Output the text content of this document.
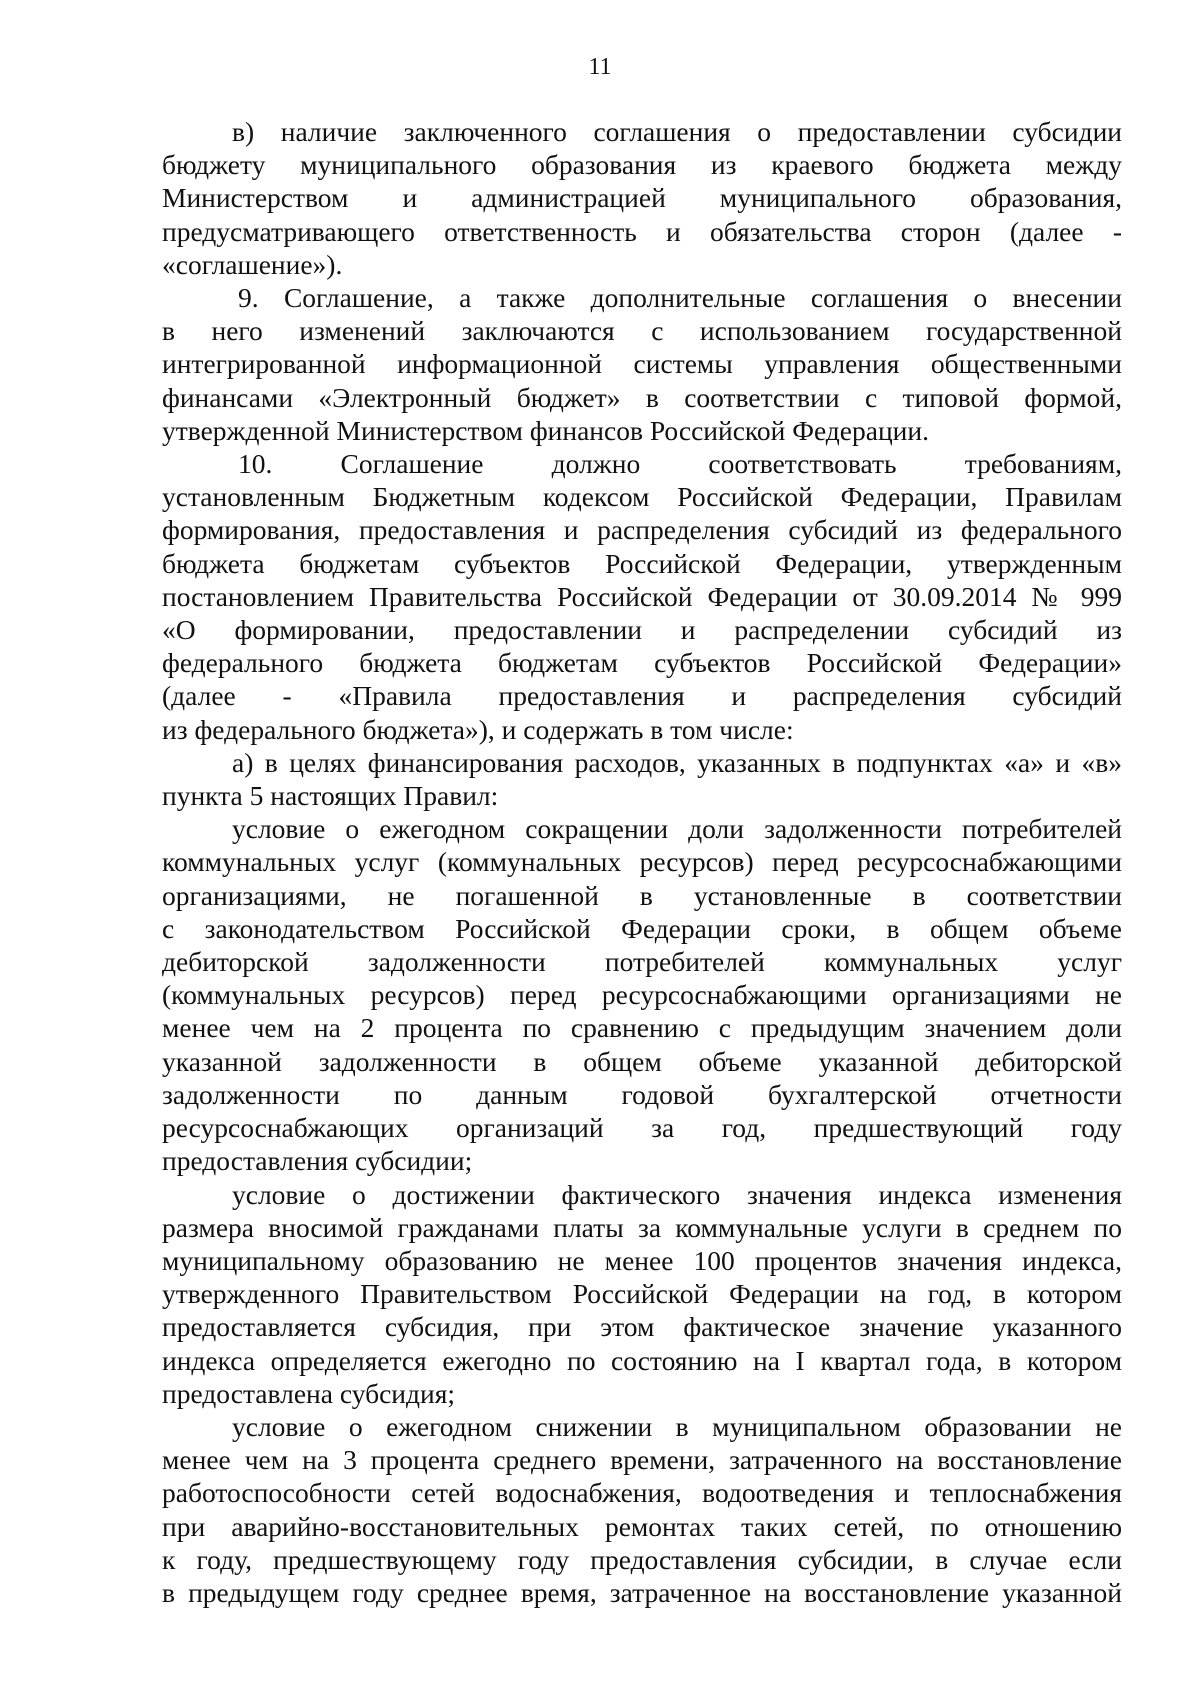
11

в) наличие заключенного соглашения о предоставлении субсидии
бюджету муниципального образования из краевого бюджета между
Министерством и администрацией муниципального образования,
предусматривающего ответственность и обязательства сторон (далее -
«соглашение»).

9. Соглашение, а также дополнительные соглашения о внесении
в него изменений заключаются с использованием государственной
интегрированной информационной системы управления общественными
финансами «Электронный бюджет» в соответствии с типовой формой,
утвержденной Министерством финансов Российской Федерации.

10. Соглашение должно соответствовать требованиям,
установленным Бюджетным кодексом Российской Федерации, Правилам
формирования, предоставления и распределения субсидий из федерального
бюджета бюджетам субъектов Российской Федерации, утвержденным
постановлением Правительства Российской Федерации от 30.09.2014 № 999
«О формировании, предоставлении и распределении субсидий из
федерального бюджета бюджетам субъектов Российской Федерации»
(далее - «Правила предоставления и распределения субсидий
из федерального бюджета»), и содержать в том числе:

а) в целях финансирования расходов, указанных в подпунктах «а» и «в»
пункта 5 настоящих Правил:

условие о ежегодном сокращении доли задолженности потребителей
коммунальных услуг (коммунальных ресурсов) перед ресурсоснабжающими
организациями, не погашенной в установленные в соответствии
с законодательством Российской Федерации сроки, в общем объеме
дебиторской задолженности потребителей коммунальных услуг
(коммунальных ресурсов) перед ресурсоснабжающими организациями не
менее чем на 2 процента по сравнению с предыдущим значением доли
указанной задолженности в общем объеме указанной дебиторской
задолженности по данным годовой бухгалтерской отчетности
ресурсоснабжающих организаций за год, предшествующий году
предоставления субсидии;

условие о достижении фактического значения индекса изменения
размера вносимой гражданами платы за коммунальные услуги в среднем по
муниципальному образованию не менее 100 процентов значения индекса,
утвержденного Правительством Российской Федерации на год, в котором
предоставляется субсидия, при этом фактическое значение указанного
индекса определяется ежегодно по состоянию на I квартал года, в котором
предоставлена субсидия;

условие о ежегодном снижении в муниципальном образовании не
менее чем на 3 процента среднего времени, затраченного на восстановление
работоспособности сетей водоснабжения, водоотведения и теплоснабжения
при аварийно-восстановительных ремонтах таких сетей, по отношению
к году, предшествующему году предоставления субсидии, в случае если
в предыдущем году среднее время, затраченное на восстановление указанной
